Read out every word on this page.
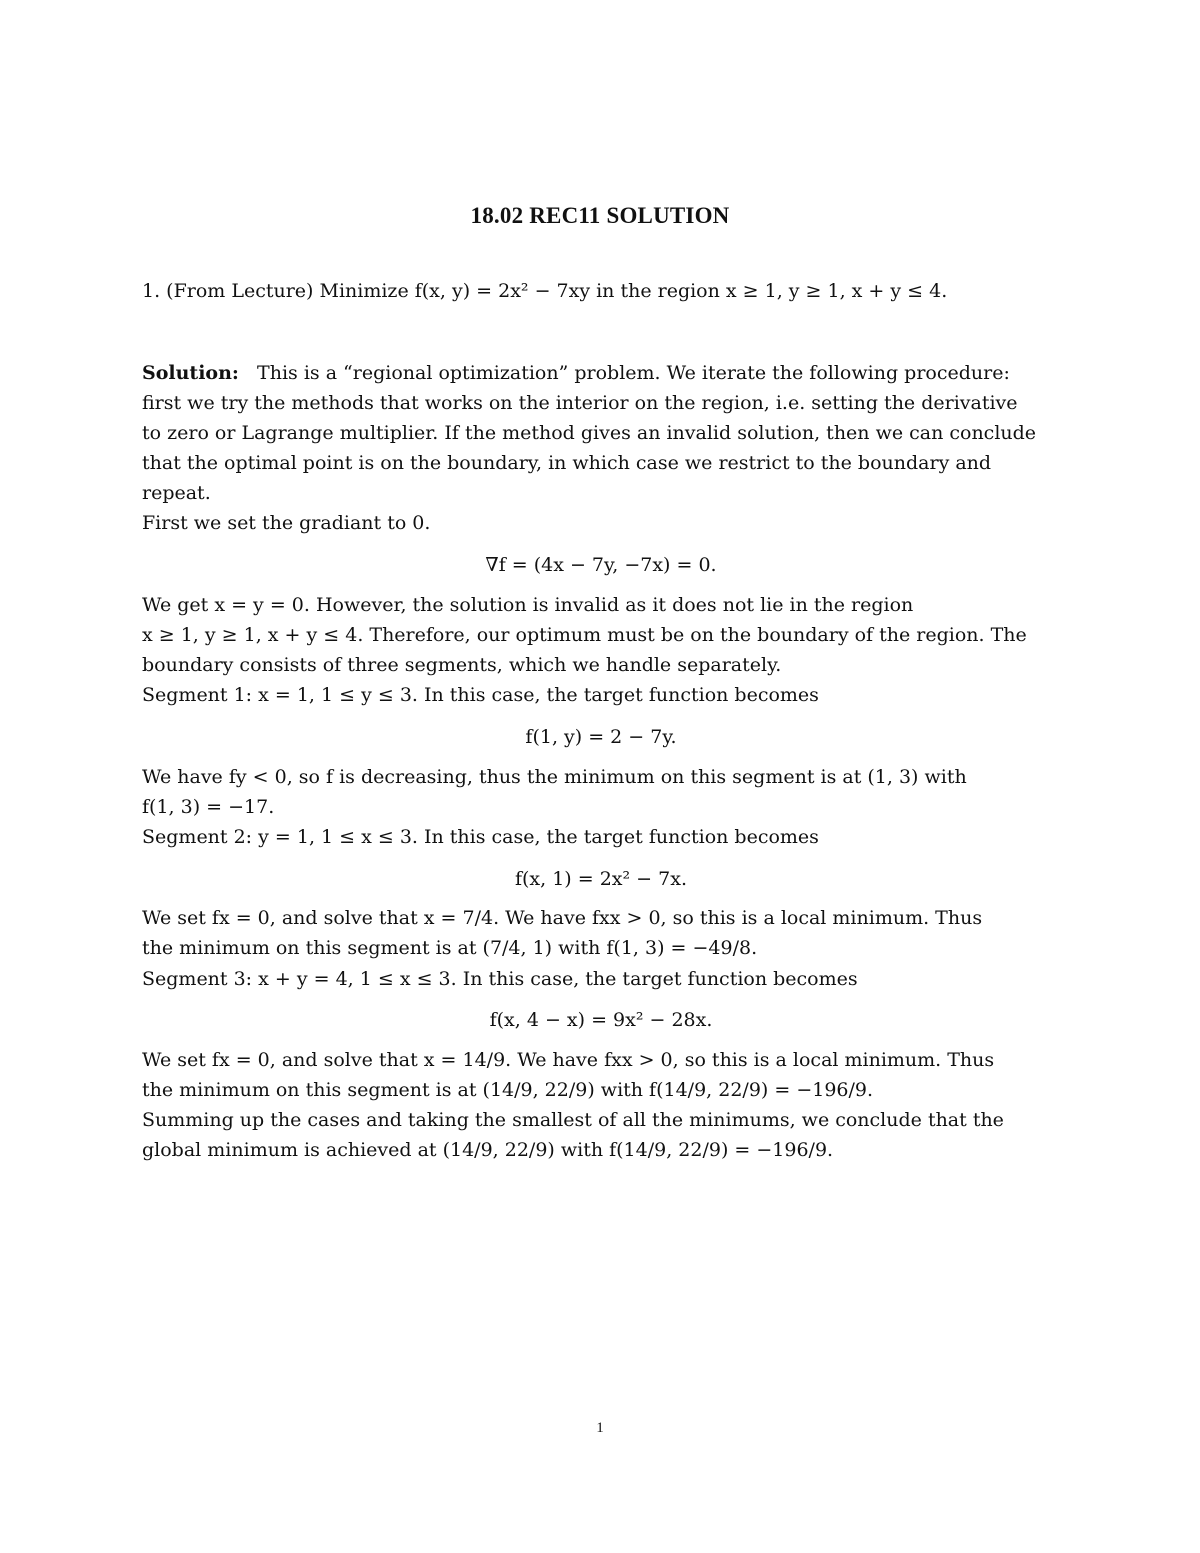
18.02 REC11 SOLUTION
1. (From Lecture) Minimize f(x, y) = 2x² − 7xy in the region x ≥ 1, y ≥ 1, x + y ≤ 4.
Solution: This is a “regional optimization” problem. We iterate the following procedure:
first we try the methods that works on the interior on the region, i.e. setting the derivative
to zero or Lagrange multiplier. If the method gives an invalid solution, then we can conclude
that the optimal point is on the boundary, in which case we restrict to the boundary and
repeat.
First we set the gradiant to 0.
∇f = (4x − 7y, −7x) = 0.
We get x = y = 0. However, the solution is invalid as it does not lie in the region
x ≥ 1, y ≥ 1, x + y ≤ 4. Therefore, our optimum must be on the boundary of the region. The
boundary consists of three segments, which we handle separately.
Segment 1: x = 1, 1 ≤ y ≤ 3. In this case, the target function becomes
f(1, y) = 2 − 7y.
We have fy < 0, so f is decreasing, thus the minimum on this segment is at (1, 3) with
f(1, 3) = −17.
Segment 2: y = 1, 1 ≤ x ≤ 3. In this case, the target function becomes
f(x, 1) = 2x² − 7x.
We set fx = 0, and solve that x = 7/4. We have fxx > 0, so this is a local minimum. Thus
the minimum on this segment is at (7/4, 1) with f(1, 3) = −49/8.
Segment 3: x + y = 4, 1 ≤ x ≤ 3. In this case, the target function becomes
f(x, 4 − x) = 9x² − 28x.
We set fx = 0, and solve that x = 14/9. We have fxx > 0, so this is a local minimum. Thus
the minimum on this segment is at (14/9, 22/9) with f(14/9, 22/9) = −196/9.
Summing up the cases and taking the smallest of all the minimums, we conclude that the
global minimum is achieved at (14/9, 22/9) with f(14/9, 22/9) = −196/9.
1
